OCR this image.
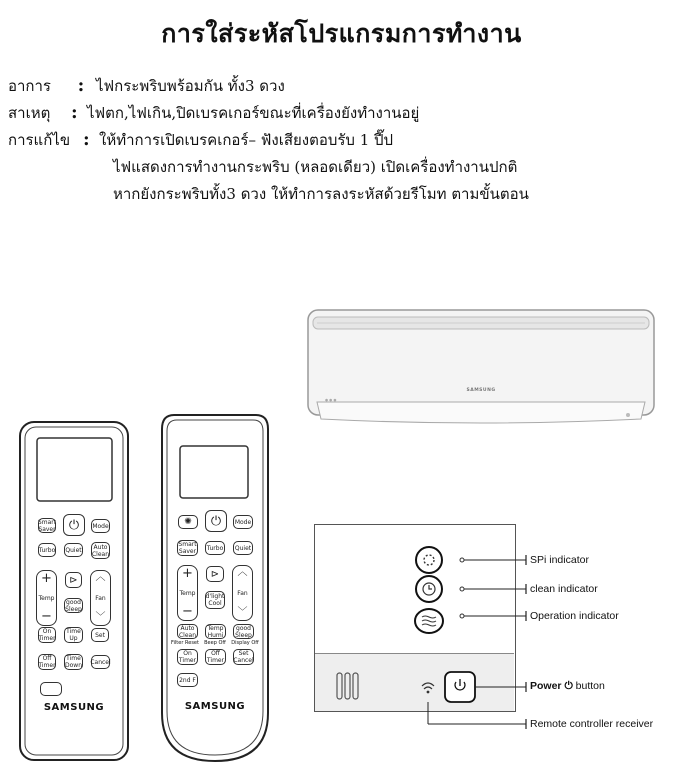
การใส่ระหัสโปรแกรมการทำงาน
อาการ : ไฟกระพริบพร้อมกัน ทั้ง3 ดวง
สาเหตุ : ไฟตก,ไฟเกิน,ปิดเบรคเกอร์ขณะที่เครื่องยังทำงานอยู่
การแก้ไข : ให้ทำการเปิดเบรคเกอร์– ฟังเสียงตอบรับ 1 ปี๊ป
ไฟแสดงการทำงานกระพริบ (หลอดเดียว) เปิดเครื่องทำงานปกติ
หากยังกระพริบทั้ง3 ดวง ให้ทำการลงระหัสด้วยรีโมท ตามขั้นตอน
● ● ●
SAMSUNG
Smart Saver ⏻ Mode
Turbo Quiet	Auto Clean
+
Temp
−
⊳
good Sleep
︿
Fan
﹀
On Timer
Time Up	Set
Off Timer
Time Down Cancel
SAMSUNG
✺ ⏻	Mode
Smart Saver	Turbo	Quiet
+
Temp
−
⊳
d'light Cool
︿
Fan
﹀
Auto Clean
Temp Humi
good Sleep
Filter Reset	Beep Off	Display Off
On Timer
Off Timer
Set Cancel
2nd F
SAMSUNG
SPi indicator
clean indicator
Operation indicator
Power ⏻ button
Remote controller receiver
